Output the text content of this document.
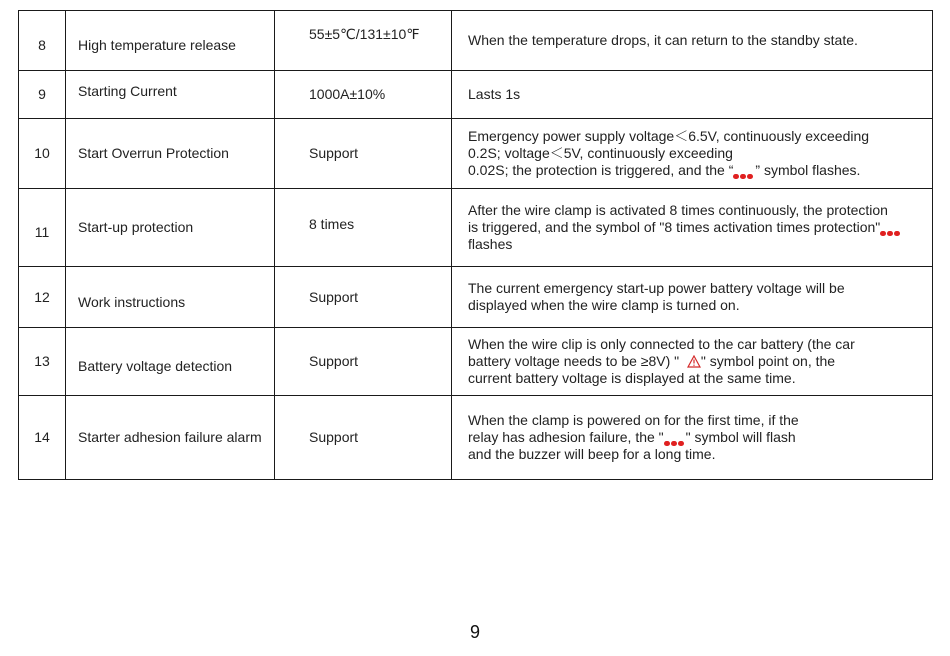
8	High temperature release	55±5℃/131±10℉	When the temperature drops, it can return to the standby state.

9	Starting Current	1000A±10%	Lasts 1s

10	Start Overrun Protection	Support	Emergency power supply voltage＜6.5V, continuously exceeding
0.2S; voltage＜5V, continuously exceeding
0.02S; the protection is triggered, and the “ ” symbol flashes.

11	Start-up protection	8 times	After the wire clamp is activated 8 times continuously, the protection
is triggered, and the symbol of "8 times activation times protection"
flashes

12	Work instructions	Support	The current emergency start-up power battery voltage will be
displayed when the wire clamp is turned on.

13	Battery voltage detection	Support	When the wire clip is only connected to the car battery (the car
battery voltage needs to be ≥8V) " " symbol point on, the
current battery voltage is displayed at the same time.

14	Starter adhesion failure alarm	Support	When the clamp is powered on for the first time, if the
relay has adhesion failure, the " " symbol will flash
and the buzzer will beep for a long time.
9
